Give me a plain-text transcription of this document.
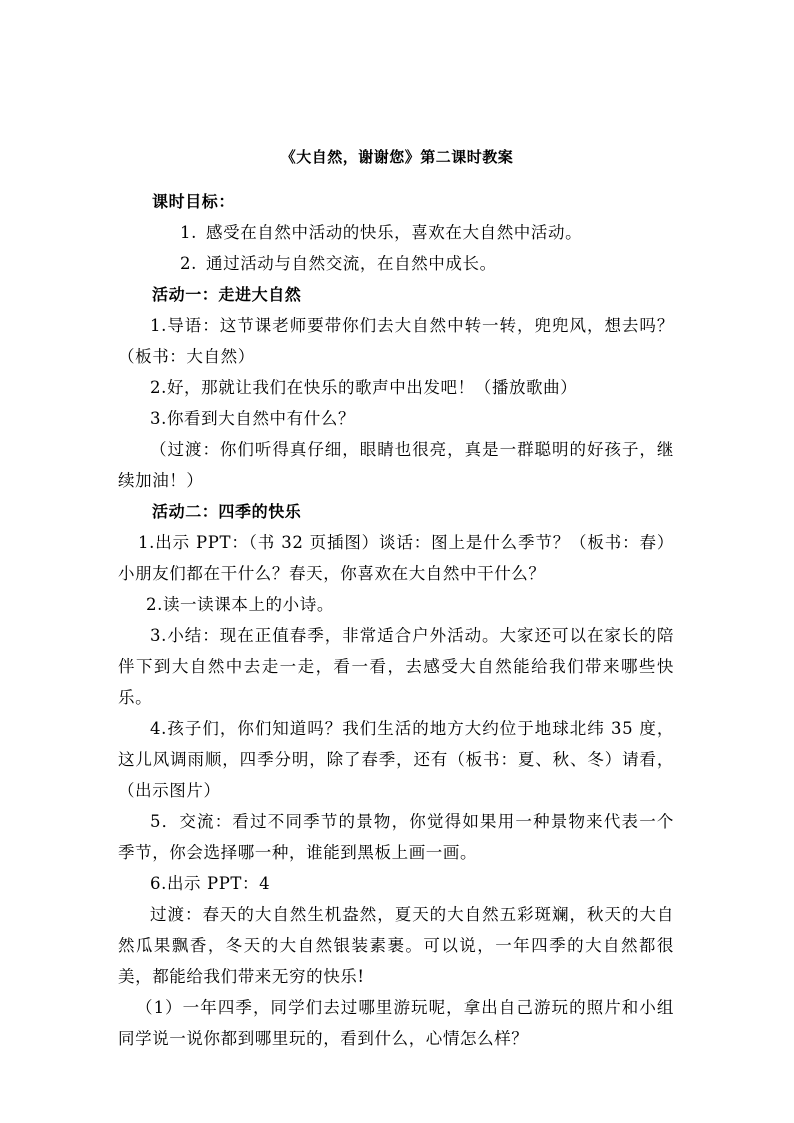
《大自然，谢谢您》第二课时教案

课时目标：

1. 感受在自然中活动的快乐，喜欢在大自然中活动。

2. 通过活动与自然交流，在自然中成长。

活动一：走进大自然

1.导语：这节课老师要带你们去大自然中转一转，兜兜风，想去吗？（板书：大自然）

2.好，那就让我们在快乐的歌声中出发吧！（播放歌曲）

3.你看到大自然中有什么？

（过渡：你们听得真仔细，眼睛也很亮，真是一群聪明的好孩子，继续加油！）

活动二：四季的快乐

1.出示 PPT：（书 32 页插图）谈话：图上是什么季节？（板书：春）小朋友们都在干什么？春天，你喜欢在大自然中干什么？

2.读一读课本上的小诗。

3.小结：现在正值春季，非常适合户外活动。大家还可以在家长的陪伴下到大自然中去走一走，看一看，去感受大自然能给我们带来哪些快乐。

4.孩子们，你们知道吗？我们生活的地方大约位于地球北纬 35 度，这儿风调雨顺，四季分明，除了春季，还有（板书：夏、秋、冬）请看，（出示图片）

5．交流：看过不同季节的景物，你觉得如果用一种景物来代表一个季节，你会选择哪一种，谁能到黑板上画一画。

6.出示 PPT：4

过渡：春天的大自然生机盎然，夏天的大自然五彩斑斓，秋天的大自然瓜果飘香，冬天的大自然银装素裹。可以说，一年四季的大自然都很美，都能给我们带来无穷的快乐!

（1）一年四季，同学们去过哪里游玩呢，拿出自己游玩的照片和小组同学说一说你都到哪里玩的，看到什么，心情怎么样？
